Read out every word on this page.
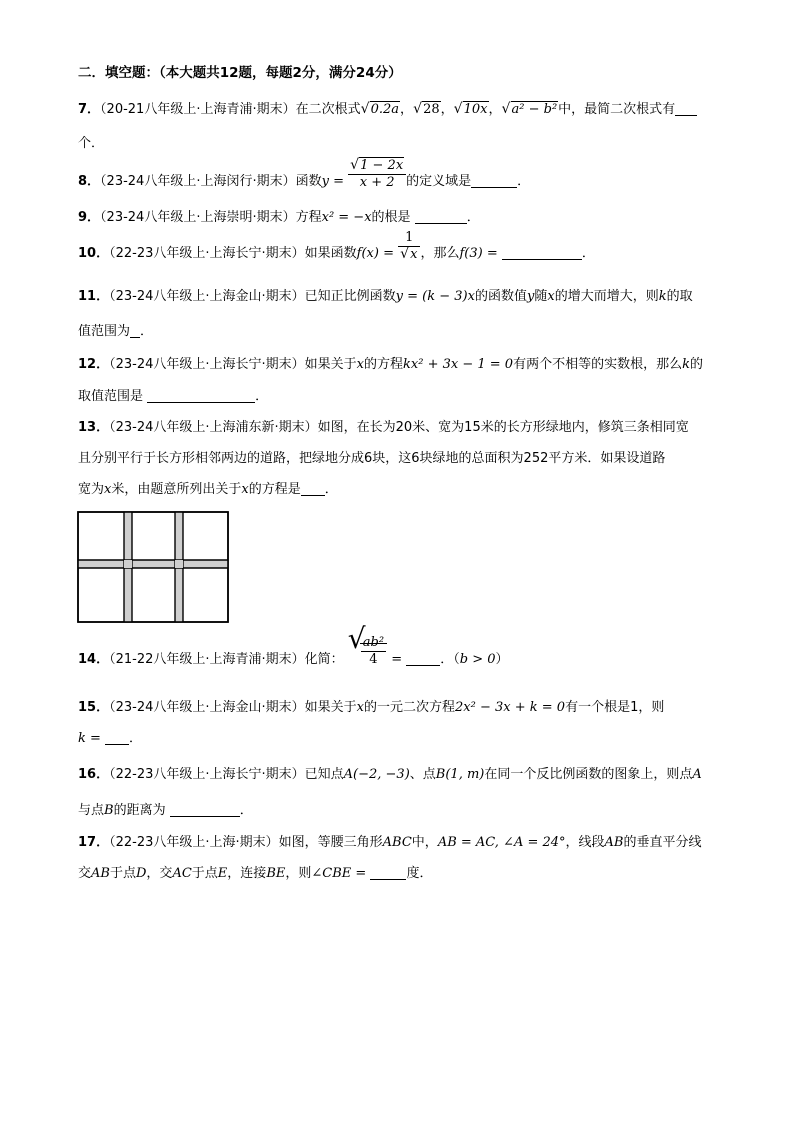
二．填空题：（本大题共12题，每题2分，满分24分）
7．（20-21八年级上·上海青浦·期末）在二次根式 √ 0.2a， √ 28， √ 10x， √ a² − b²中，最简二次根式有
个．
8．（23-24八年级上·上海闵行·期末）函数$y = \frac{√ 1 - 2x}{x + 2}$ 的定义域是	．
9．（23-24八年级上·上海崇明·期末）方程x² = −x的根是	．
10．（22-23八年级上·上海长宁·期末）如果函数$f(x) = \frac{1}{√ x}$ ，那么f(3) =	．
11．（23-24八年级上·上海金山·期末）已知正比例函数y = (k − 3)x的函数值y随x的增大而增大，则k的取
值范围为 ．
12．（23-24八年级上·上海长宁·期末）如果关于x的方程kx² + 3x − 1 = 0有两个不相等的实数根，那么k的
取值范围是	．
13．（23-24八年级上·上海浦东新·期末）如图，在长为20米、宽为15米的长方形绿地内，修筑三条相同宽
且分别平行于长方形相邻两边的道路，把绿地分成6块，这6块绿地的总面积为252平方米．如果设道路
宽为x米，由题意所列出关于x的方程是 ．
14．（21-22八年级上·上海青浦·期末）化简：
√
$\frac{\text{ab²}}{4}$ =	．（b > 0）
15．（23-24八年级上·上海金山·期末）如果关于x的一元二次方程2x² − 3x + k = 0有一个根是1，则
k = ．
16．（22-23八年级上·上海长宁·期末）已知点A(−2, −3)、点B(1, m)在同一个反比例函数的图象上，则点A
与点B的距离为	．
17．（22-23八年级上·上海·期末）如图，等腰三角形ABC中，AB = AC, ∠A = 24°，线段AB的垂直平分线
交AB于点D，交AC于点E，连接BE，则∠CBE =	度．
